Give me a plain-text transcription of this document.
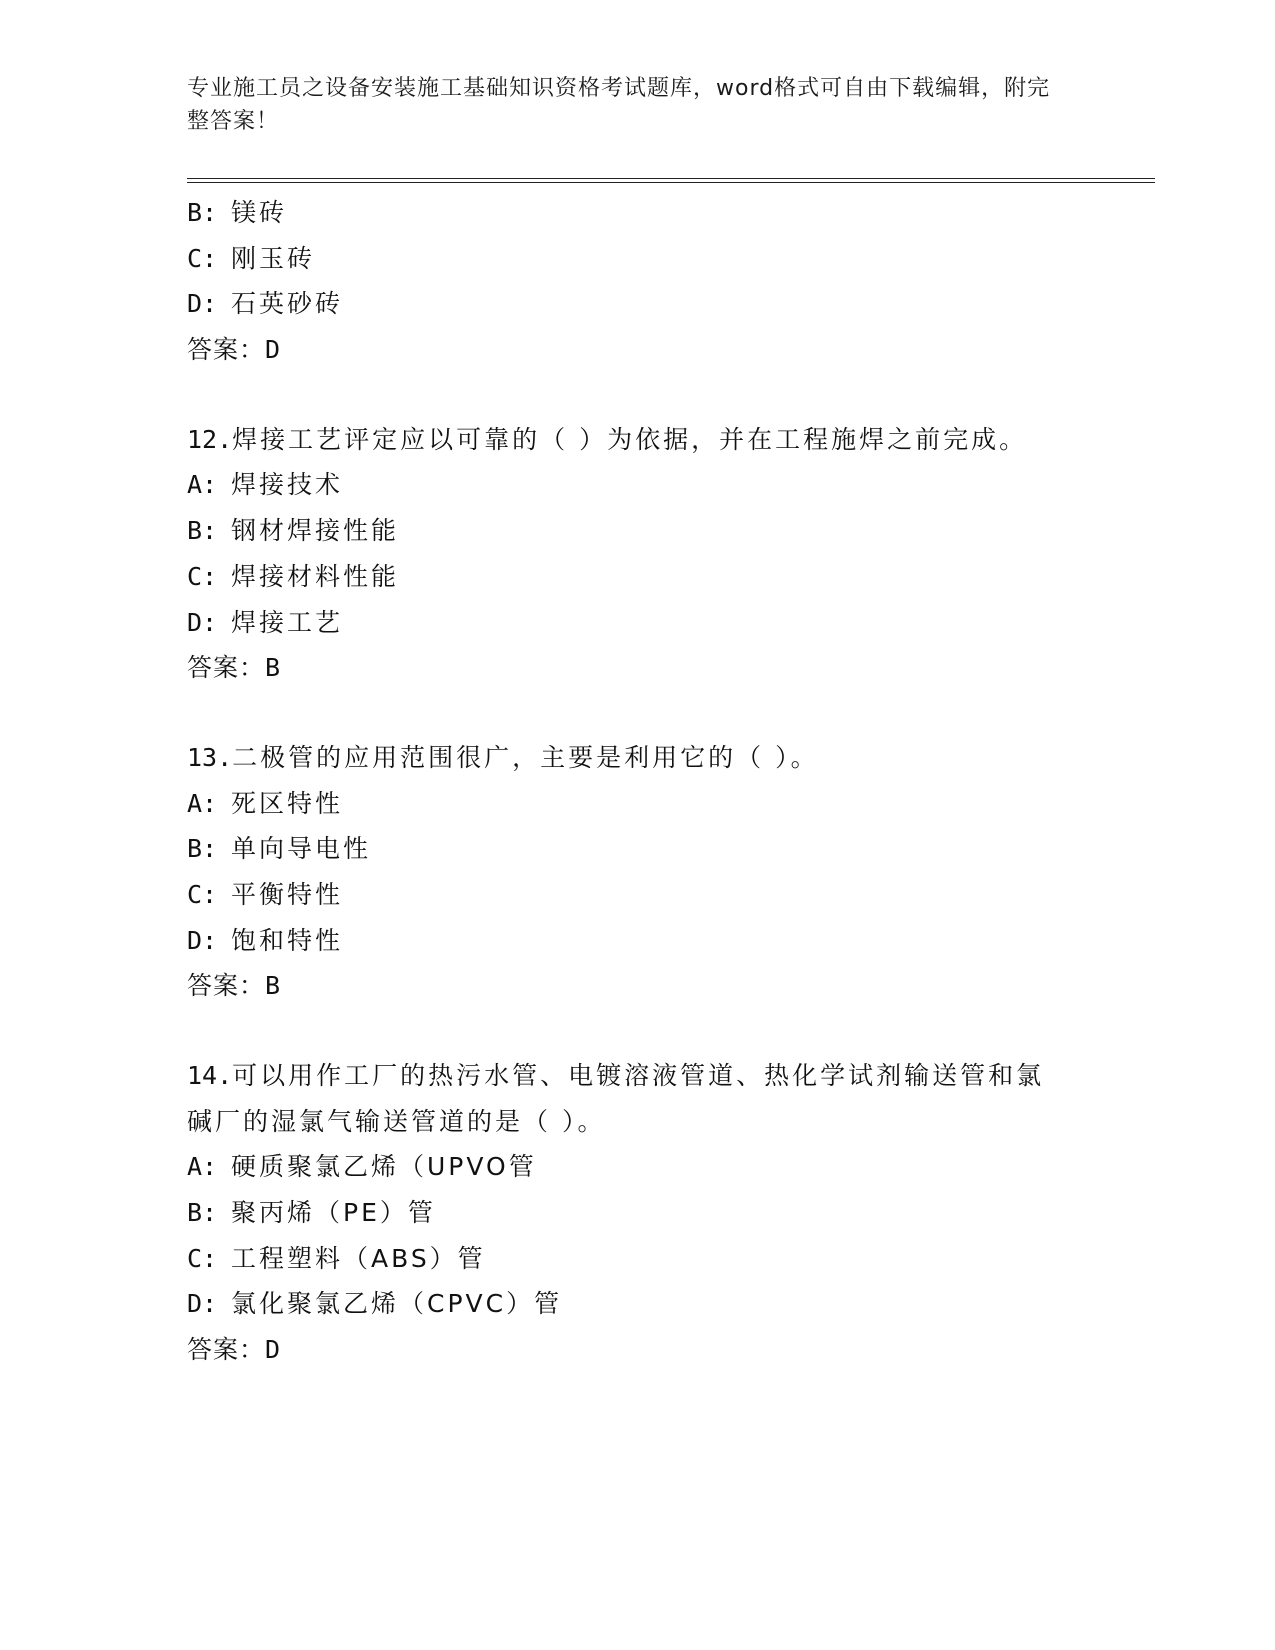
专业施工员之设备安装施工基础知识资格考试题库，word格式可自由下载编辑，附完整答案！
B: 镁砖
C: 刚玉砖
D: 石英砂砖
答案：D
12.焊接工艺评定应以可靠的（ ）为依据，并在工程施焊之前完成。
A: 焊接技术
B: 钢材焊接性能
C: 焊接材料性能
D: 焊接工艺
答案：B
13.二极管的应用范围很广，主要是利用它的（ ）。
A: 死区特性
B: 单向导电性
C: 平衡特性
D: 饱和特性
答案：B
14.可以用作工厂的热污水管、电镀溶液管道、热化学试剂输送管和氯碱厂的湿氯气输送管道的是（ ）。
A: 硬质聚氯乙烯（UPVO管
B: 聚丙烯（PE）管
C: 工程塑料（ABS）管
D: 氯化聚氯乙烯（CPVC）管
答案：D
